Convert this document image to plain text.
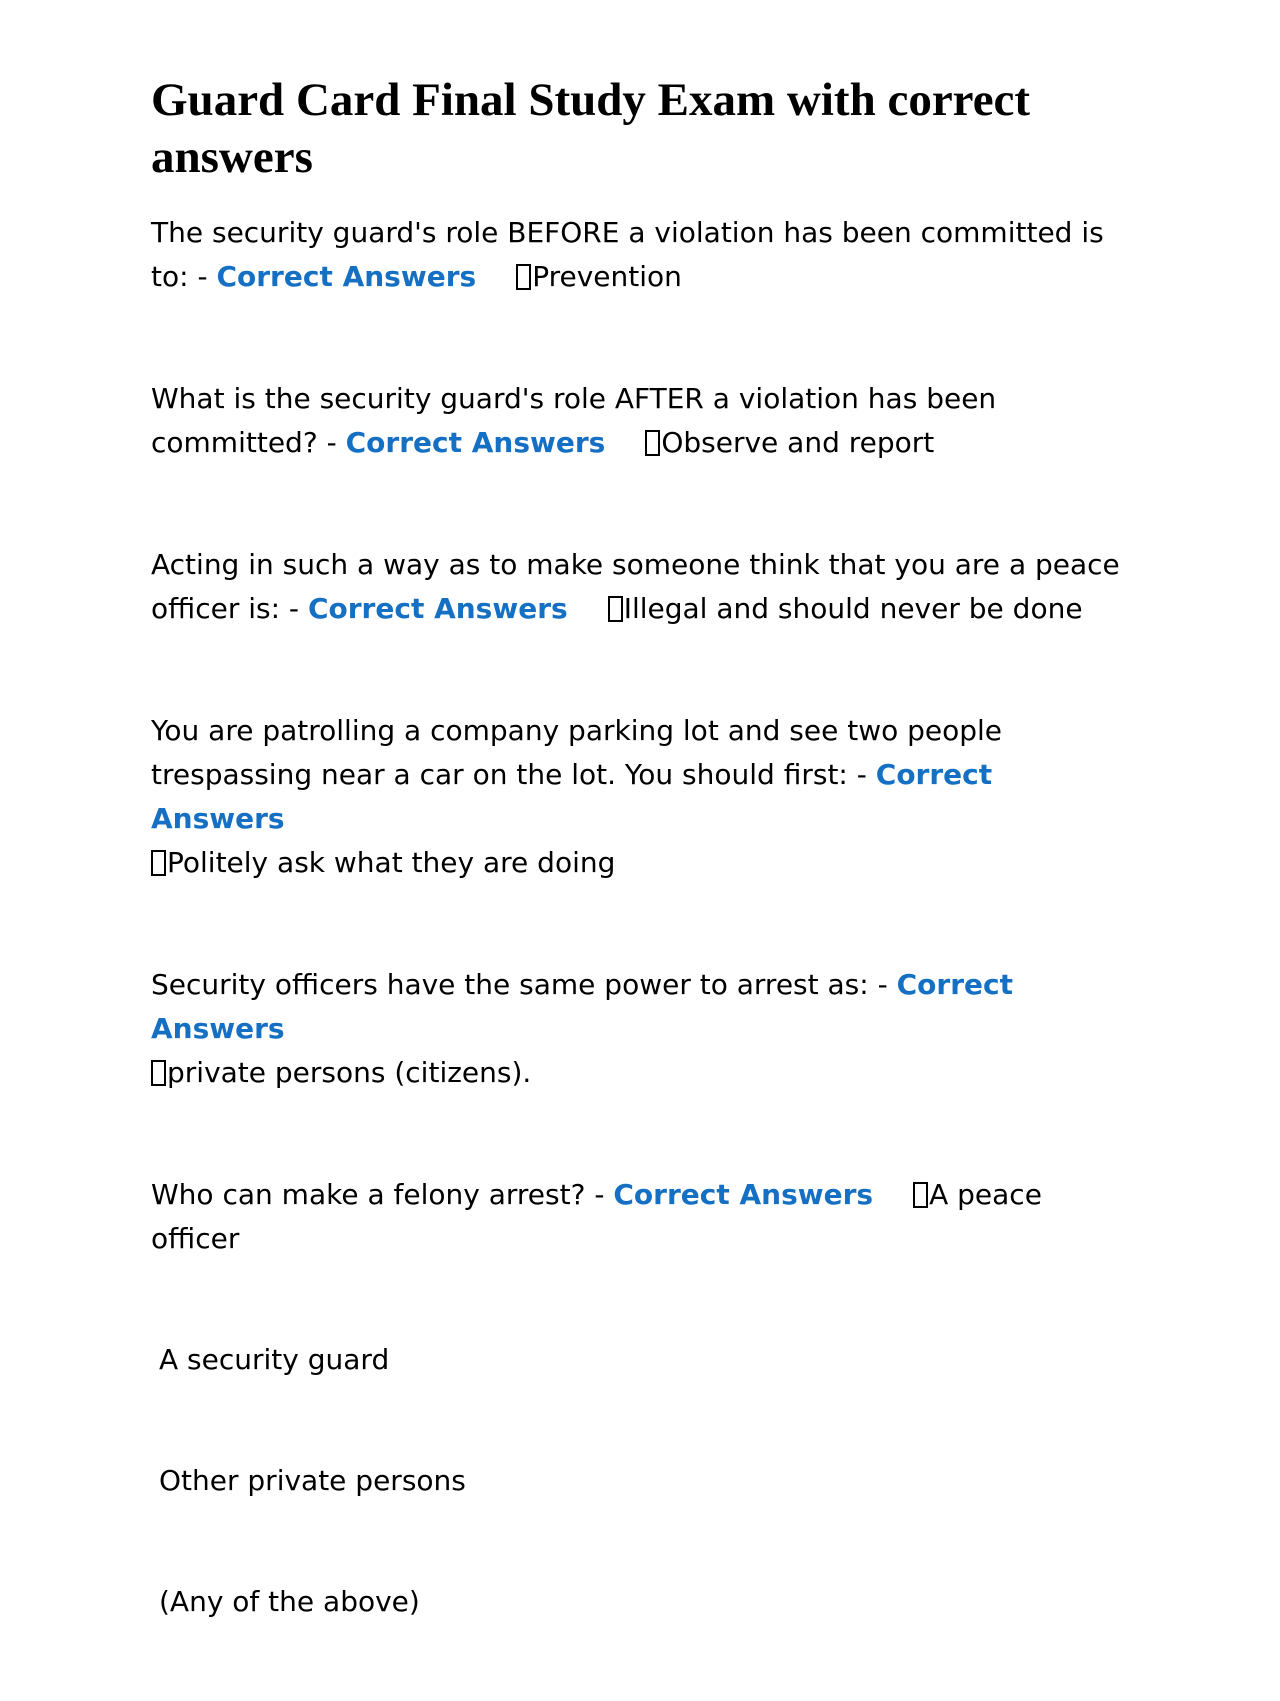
Guard Card Final Study Exam with correct answers
The security guard's role BEFORE a violation has been committed is to: - Correct Answers Prevention
What is the security guard's role AFTER a violation has been committed? - Correct Answers Observe and report
Acting in such a way as to make someone think that you are a peace officer is: - Correct Answers Illegal and should never be done
You are patrolling a company parking lot and see two people trespassing near a car on the lot. You should first: - Correct Answers
Politely ask what they are doing
Security officers have the same power to arrest as: - Correct Answers
private persons (citizens).
Who can make a felony arrest? - Correct Answers A peace officer
A security guard
Other private persons
(Any of the above)
